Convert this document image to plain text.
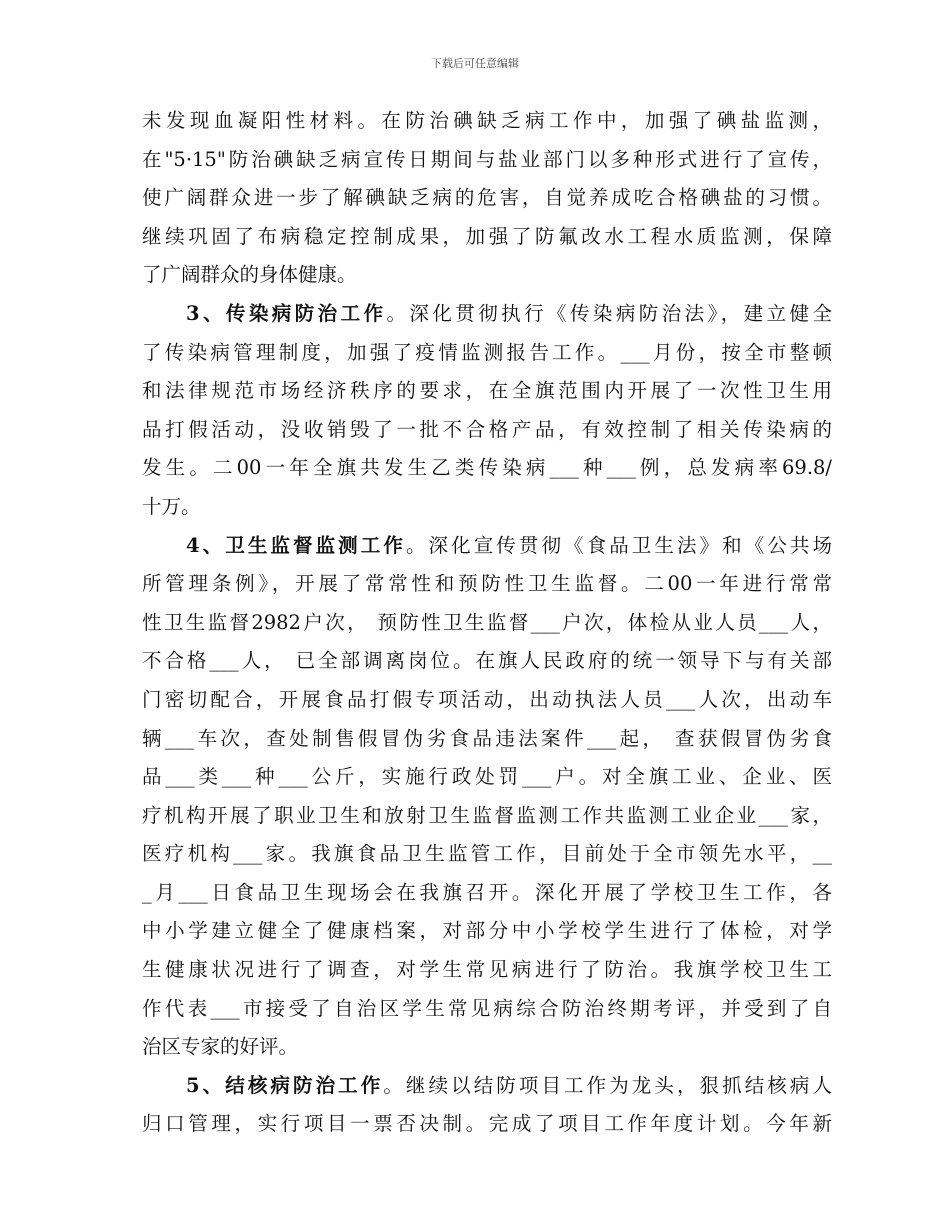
下载后可任意编辑
未发现血凝阳性材料。在防治碘缺乏病工作中，加强了碘盐监测，
在"5·15"防治碘缺乏病宣传日期间与盐业部门以多种形式进行了宣传，
使广阔群众进一步了解碘缺乏病的危害，自觉养成吃合格碘盐的习惯。
继续巩固了布病稳定控制成果，加强了防氟改水工程水质监测，保障
了广阔群众的身体健康。
3、传染病防治工作。深化贯彻执行《传染病防治法》，建立健全
了传染病管理制度，加强了疫情监测报告工作。___月份，按全市整顿
和法律规范市场经济秩序的要求，在全旗范围内开展了一次性卫生用
品打假活动，没收销毁了一批不合格产品，有效控制了相关传染病的
发生。二00一年全旗共发生乙类传染病___种___例，总发病率69.8/
十万。
4、卫生监督监测工作。深化宣传贯彻《食品卫生法》和《公共场
所管理条例》，开展了常常性和预防性卫生监督。二00一年进行常常
性卫生监督2982户次， 预防性卫生监督___户次，体检从业人员___人，
不合格___人， 已全部调离岗位。在旗人民政府的统一领导下与有关部
门密切配合，开展食品打假专项活动，出动执法人员___人次，出动车
辆___车次，查处制售假冒伪劣食品违法案件___起， 查获假冒伪劣食
品___类___种___公斤，实施行政处罚___户。对全旗工业、企业、医
疗机构开展了职业卫生和放射卫生监督监测工作共监测工业企业___家，
医疗机构___家。我旗食品卫生监管工作，目前处于全市领先水平，__
_月___日食品卫生现场会在我旗召开。深化开展了学校卫生工作，各
中小学建立健全了健康档案，对部分中小学校学生进行了体检，对学
生健康状况进行了调查，对学生常见病进行了防治。我旗学校卫生工
作代表___市接受了自治区学生常见病综合防治终期考评，并受到了自
治区专家的好评。
5、结核病防治工作。继续以结防项目工作为龙头，狠抓结核病人
归口管理，实行项目一票否决制。完成了项目工作年度计划。今年新
